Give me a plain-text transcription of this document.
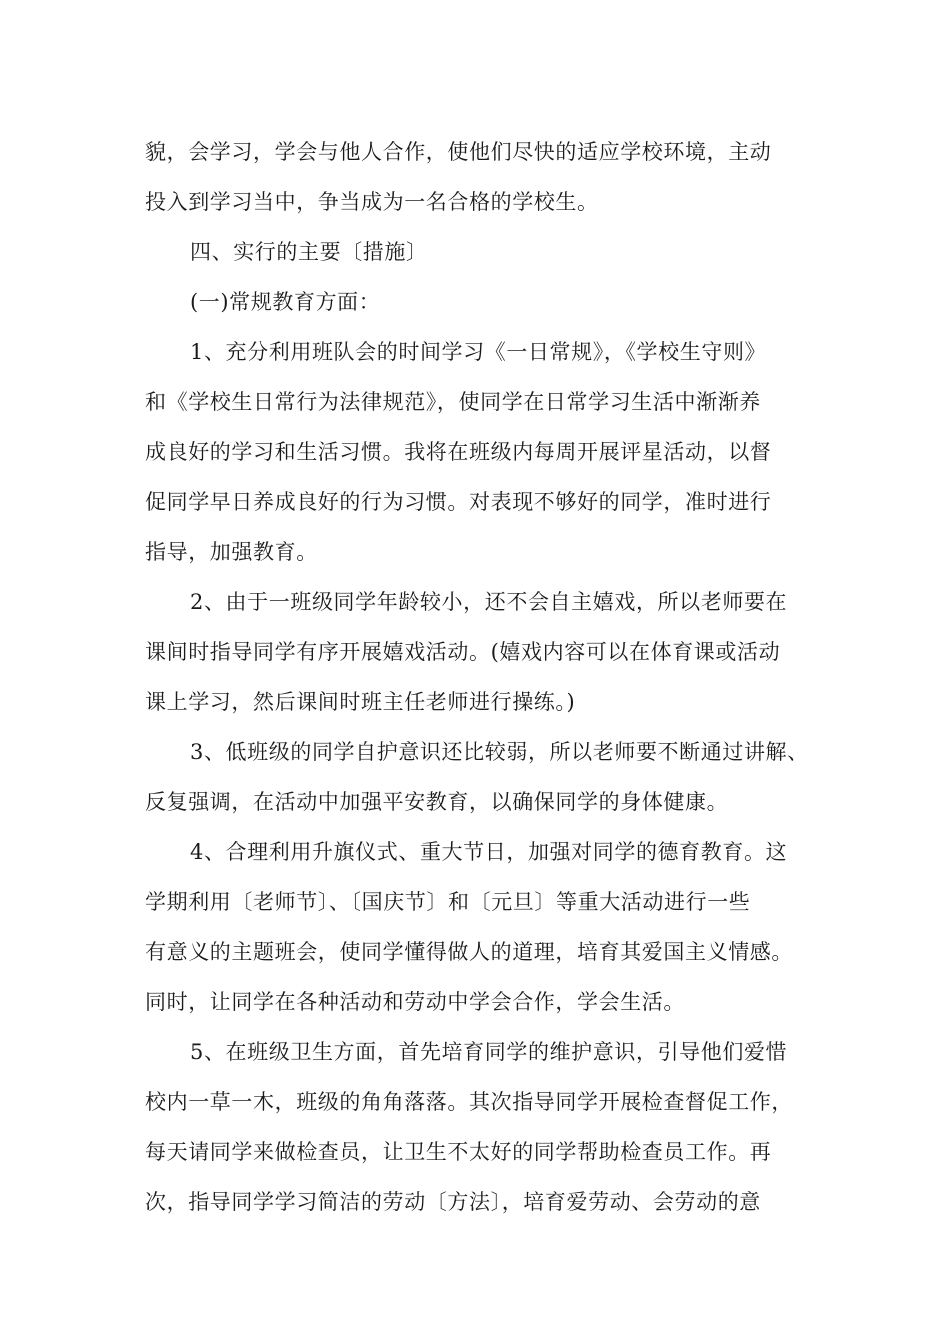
貌，会学习，学会与他人合作，使他们尽快的适应学校环境，主动
投入到学习当中，争当成为一名合格的学校生。
四、实行的主要〔措施〕
(一)常规教育方面：
1、充分利用班队会的时间学习《一日常规》，《学校生守则》
和《学校生日常行为法律规范》，使同学在日常学习生活中渐渐养
成良好的学习和生活习惯。我将在班级内每周开展评星活动，以督
促同学早日养成良好的行为习惯。对表现不够好的同学，准时进行
指导，加强教育。
2、由于一班级同学年龄较小，还不会自主嬉戏，所以老师要在
课间时指导同学有序开展嬉戏活动。(嬉戏内容可以在体育课或活动
课上学习，然后课间时班主任老师进行操练。)
3、低班级的同学自护意识还比较弱，所以老师要不断通过讲解、
反复强调，在活动中加强平安教育，以确保同学的身体健康。
4、合理利用升旗仪式、重大节日，加强对同学的德育教育。这
学期利用〔老师节〕、〔国庆节〕和〔元旦〕等重大活动进行一些
有意义的主题班会，使同学懂得做人的道理，培育其爱国主义情感。
同时，让同学在各种活动和劳动中学会合作，学会生活。
5、在班级卫生方面，首先培育同学的维护意识，引导他们爱惜
校内一草一木，班级的角角落落。其次指导同学开展检查督促工作，
每天请同学来做检查员，让卫生不太好的同学帮助检查员工作。再
次，指导同学学习简洁的劳动〔方法〕，培育爱劳动、会劳动的意
